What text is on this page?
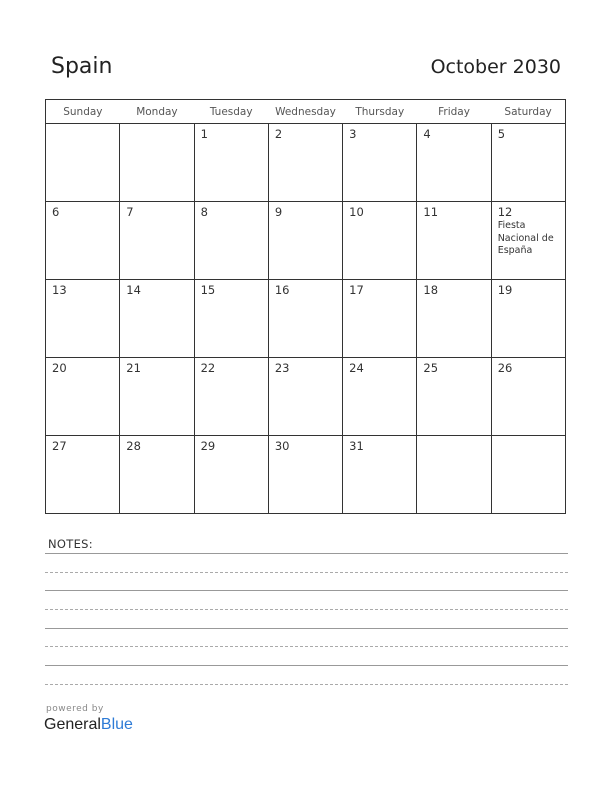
Spain	October 2030
Sunday	Monday	Tuesday	Wednesday	Thursday	Friday	Saturday

		1	2	3	4	5

6	7	8	9	10	11	12
Fiesta Nacional de España

13	14	15	16	17	18	19

20	21	22	23	24	25	26

27	28	29	30	31		

NOTES:
powered by
GeneralBlue
